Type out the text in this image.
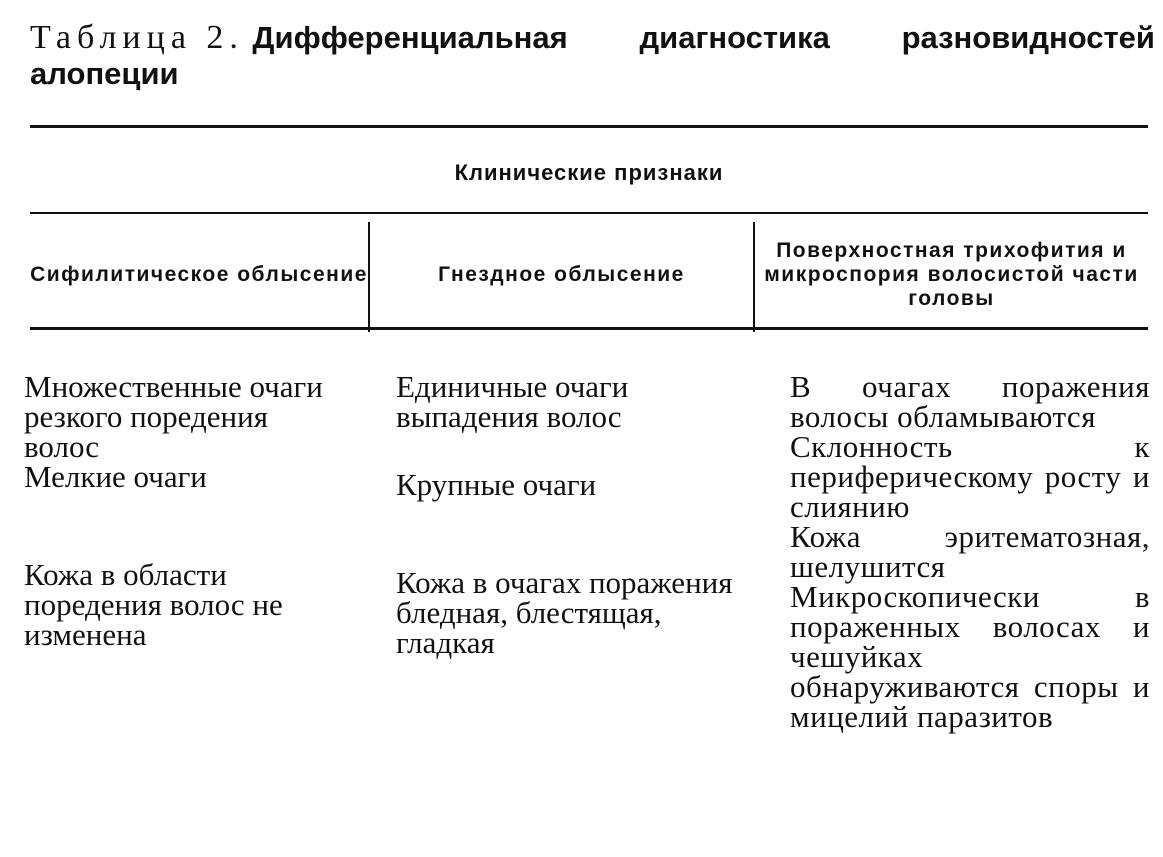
Таблица 2. Дифференциальная диагностика разновидностей
алопеции
Клинические признаки
Сифилитическое облысение	Гнездное облысение
Поверхностная трихофития и микроспория волосистой части головы

Множественные очаги резкого поредения волос

Мелкие очаги

Кожа в области поредения волос не изменена

Единичные очаги выпадения волос

Крупные очаги

Кожа в очагах поражения бледная, блестящая, гладкая

В очагах поражения волосы обламываются

Склонность к периферическому росту и слиянию

Кожа эритематозная, шелушится

Микроскопически в пораженных волосах и чешуйках обнаруживаются споры и мицелий паразитов
